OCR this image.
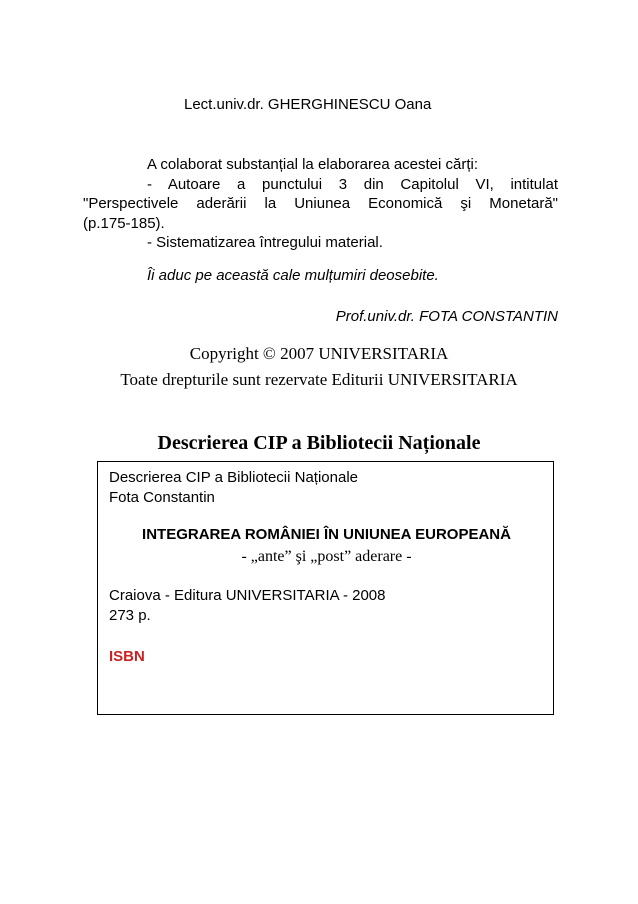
Lect.univ.dr. GHERGHINESCU Oana

A colaborat substanțial la elaborarea acestei cărți:

- Autoare a punctului 3 din Capitolul VI, intitulat

"Perspectivele aderării la Uniunea Economică şi Monetară"

(p.175-185).

- Sistematizarea întregului material.

Îi aduc pe această cale mulțumiri deosebite.
Prof.univ.dr. FOTA CONSTANTIN
Copyright © 2007 UNIVERSITARIA
Toate drepturile sunt rezervate Editurii UNIVERSITARIA
Descrierea CIP a Bibliotecii Naționale
Descrierea CIP a Bibliotecii Naționale
Fota Constantin
INTEGRAREA ROMÂNIEI ÎN UNIUNEA EUROPEANĂ
- „ante” şi „post” aderare -
Craiova - Editura UNIVERSITARIA - 2008
273 p.
ISBN
